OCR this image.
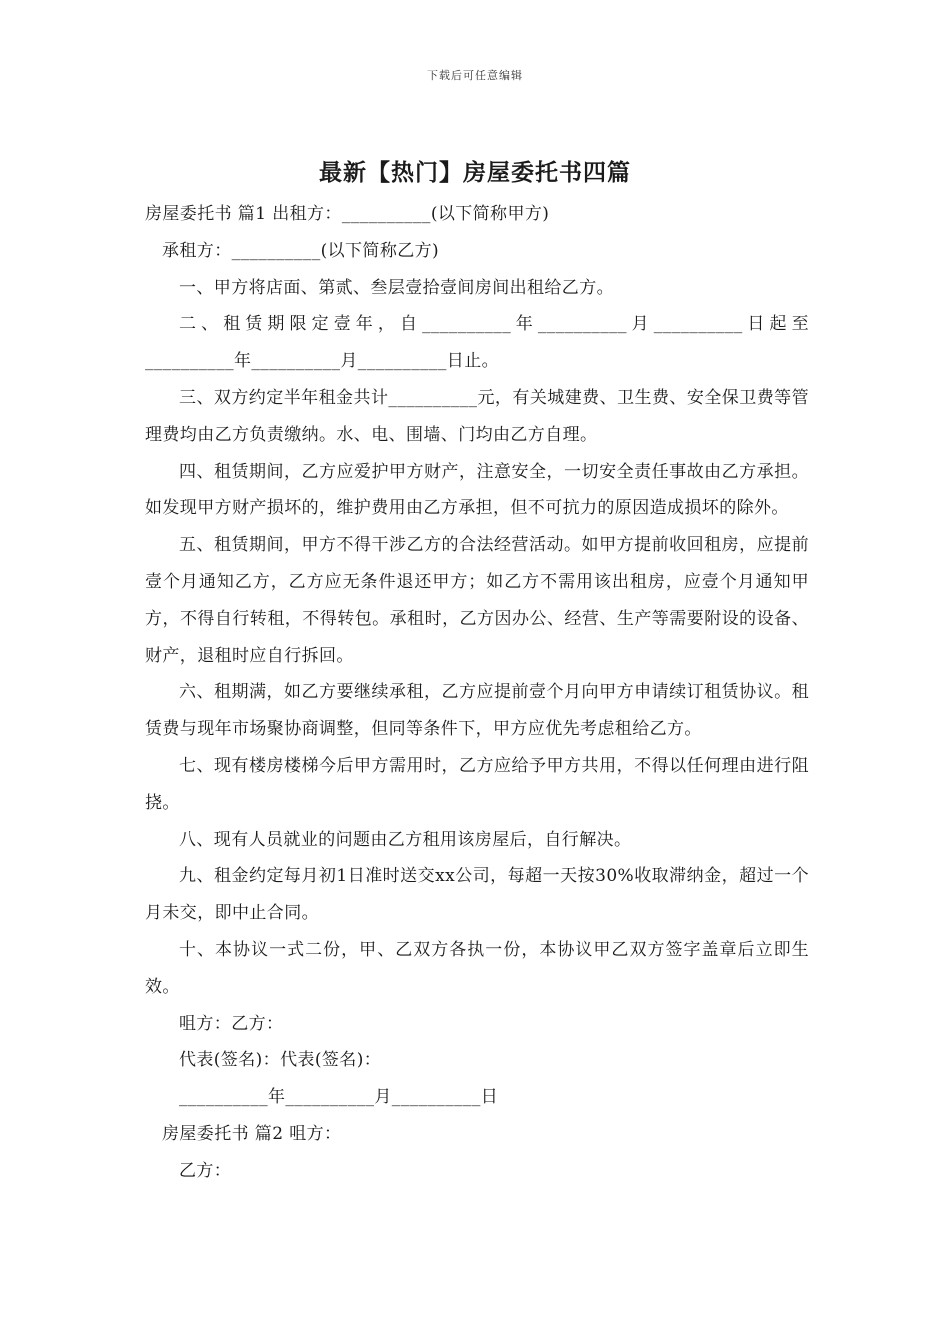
下载后可任意编辑
最新【热门】房屋委托书四篇

房屋委托书 篇1 出租方：__________(以下简称甲方)

承租方：__________(以下简称乙方)

一、甲方将店面、第贰、叁层壹拾壹间房间出租给乙方。

二、租赁期限定壹年，自__________年__________月__________日起至__________年__________月__________日止。

三、双方约定半年租金共计__________元，有关城建费、卫生费、安全保卫费等管理费均由乙方负责缴纳。水、电、围墙、门均由乙方自理。

四、租赁期间，乙方应爱护甲方财产，注意安全，一切安全责任事故由乙方承担。如发现甲方财产损坏的，维护费用由乙方承担，但不可抗力的原因造成损坏的除外。

五、租赁期间，甲方不得干涉乙方的合法经营活动。如甲方提前收回租房，应提前壹个月通知乙方，乙方应无条件退还甲方；如乙方不需用该出租房，应壹个月通知甲方，不得自行转租，不得转包。承租时，乙方因办公、经营、生产等需要附设的设备、财产，退租时应自行拆回。

六、租期满，如乙方要继续承租，乙方应提前壹个月向甲方申请续订租赁协议。租赁费与现年市场聚协商调整，但同等条件下，甲方应优先考虑租给乙方。

七、现有楼房楼梯今后甲方需用时，乙方应给予甲方共用，不得以任何理由进行阻挠。

八、现有人员就业的问题由乙方租用该房屋后，自行解决。

九、租金约定每月初1日准时送交xx公司，每超一天按30%收取滞纳金，超过一个月未交，即中止合同。

十、本协议一式二份，甲、乙双方各执一份，本协议甲乙双方签字盖章后立即生效。

咀方：乙方：

代表(签名)：代表(签名)：

__________年__________月__________日

房屋委托书 篇2 咀方：

乙方：
